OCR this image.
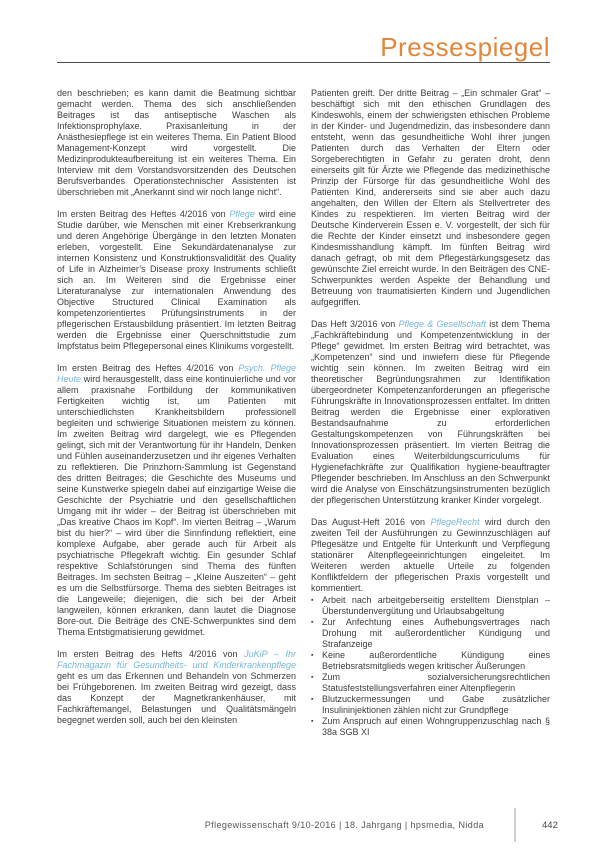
Pressespiegel

den beschrieben; es kann damit die Beatmung sichtbar gemacht werden. Thema des sich anschließenden Beitrages ist das antiseptische Waschen als Infektionsprophylaxe. Praxisanleitung in der Anästhesiepflege ist ein weiteres Thema. Ein Patient Blood Management-Konzept wird vorgestellt. Die Medizinprodukteaufbereitung ist ein weiteres Thema. Ein Interview mit dem Vorstandsvorsitzenden des Deutschen Berufsverbandes Operationstechnischer Assistenten ist überschrieben mit „Anerkannt sind wir noch lange nicht“.

Im ersten Beitrag des Heftes 4/2016 von Pflege wird eine Studie darüber, wie Menschen mit einer Krebserkrankung und deren Angehörige Übergänge in den letzten Monaten erleben, vorgestellt. Eine Sekundärdatenanalyse zur internen Konsistenz und Konstruktionsvalidität des Quality of Life in Alzheimer’s Disease proxy Instruments schließt sich an. Im Weiteren sind die Ergebnisse einer Literaturanalyse zur internationalen Anwendung des Objective Structured Clinical Examination als kompetenzorientiertes Prüfungsinstruments in der pflegerischen Erstausbildung präsentiert. Im letzten Beitrag werden die Ergebnisse einer Querschnittstudie zum Impfstatus beim Pflegepersonal eines Klinikums vorgestellt.

Im ersten Beitrag des Heftes 4/2016 von Psych. Pflege Heute wird herausgestellt, dass eine kontinuierliche und vor allem praxisnahe Fortbildung der kommunikativen Fertigkeiten wichtig ist, um Patienten mit unterschiedlichsten Krankheitsbildern professionell begleiten und schwierige Situationen meistern zu können. Im zweiten Beitrag wird dargelegt, wie es Pflegenden gelingt, sich mit der Verantwortung für ihr Handeln, Denken und Fühlen auseinanderzusetzen und ihr eigenes Verhalten zu reflektieren. Die Prinzhorn-Sammlung ist Gegenstand des dritten Beitrages; die Geschichte des Museums und seine Kunstwerke spiegeln dabei auf einzigartige Weise die Geschichte der Psychiatrie und den gesellschaftlichen Umgang mit ihr wider – der Beitrag ist überschrieben mit „Das kreative Chaos im Kopf“. Im vierten Beitrag – „Warum bist du hier?“ – wird über die Sinnfindung reflektiert, eine komplexe Aufgabe, aber gerade auch für Arbeit als psychiatrische Pflegekraft wichtig. Ein gesunder Schlaf respektive Schlafstörungen sind Thema des fünften Beitrages. Im sechsten Beitrag – „Kleine Auszeiten“ – geht es um die Selbstfürsorge. Thema des siebten Beitrages ist die Langeweile; diejenigen, die sich bei der Arbeit langweilen, können erkranken, dann lautet die Diagnose Bore-out. Die Beiträge des CNE-Schwerpunktes sind dem Thema Entstigmatisierung gewidmet.

Im ersten Beitrag des Hefts 4/2016 von JuKiP – Ihr Fachmagazin für Gesundheits- und Kinderkrankenpflege geht es um das Erkennen und Behandeln von Schmerzen bei Frühgeborenen. Im zweiten Beitrag wird gezeigt, dass das Konzept der Magnetkrankenhäuser, mit Fachkräftemangel, Belastungen und Qualitätsmängeln begegnet werden soll, auch bei den kleinsten

Patienten greift. Der dritte Beitrag – „Ein schmaler Grat“ – beschäftigt sich mit den ethischen Grundlagen des Kindeswohls, einem der schwierigsten ethischen Probleme in der Kinder- und Jugendmedizin, das insbesondere dann entsteht, wenn das gesundheitliche Wohl ihrer jungen Patienten durch das Verhalten der Eltern oder Sorgeberechtigten in Gefahr zu geraten droht, denn einerseits gilt für Ärzte wie Pflegende das medizinethische Prinzip der Fürsorge für das gesundheitliche Wohl des Patienten Kind, andererseits sind sie aber auch dazu angehalten, den Willen der Eltern als Stellvertreter des Kindes zu respektieren. Im vierten Beitrag wird der Deutsche Kinderverein Essen e. V. vorgestellt, der sich für die Rechte der Kinder einsetzt und insbesondere gegen Kindesmisshandlung kämpft. Im fünften Beitrag wird danach gefragt, ob mit dem Pflegestärkungsgesetz das gewünschte Ziel erreicht wurde. In den Beiträgen des CNE-Schwerpunktes werden Aspekte der Behandlung und Betreuung von traumatisierten Kindern und Jugendlichen aufgegriffen.

Das Heft 3/2016 von Pflege & Gesellschaft ist dem Thema „Fachkräftebindung und Kompetenzentwicklung in der Pflege“ gewidmet. Im ersten Beitrag wird betrachtet, was „Kompetenzen“ sind und inwiefern diese für Pflegende wichtig sein können. Im zweiten Beitrag wird ein theoretischer Begründungsrahmen zur Identifikation übergeordneter Kompetenzanforderungen an pflegerische Führungskräfte in Innovationsprozessen entfaltet. Im dritten Beitrag werden die Ergebnisse einer explorativen Bestandsaufnahme zu erforderlichen Gestaltungskompetenzen von Führungskräften bei Innovationsprozessen präsentiert. Im vierten Beitrag die Evaluation eines Weiterbildungscurriculums für Hygienefachkräfte zur Qualifikation hygiene-beauftragter Pflegender beschrieben. Im Anschluss an den Schwerpunkt wird die Analyse von Einschätzungsinstrumenten bezüglich der pflegerischen Unterstützung kranker Kinder vorgelegt.

Das August-Heft 2016 von PflegeRecht wird durch den zweiten Teil der Ausführungen zu Gewinnzuschlägen auf Pflegesätze und Entgelte für Unterkunft und Verpflegung stationärer Altenpflegeeinrichtungen eingeleitet. Im Weiteren werden aktuelle Urteile zu folgenden Konfliktfeldern der pflegerischen Praxis vorgestellt und kommentiert.

▪ Arbeit nach arbeitgeberseitig erstelltem Dienstplan – Überstundenvergütung und Urlaubsabgeltung
▪ Zur Anfechtung eines Aufhebungsvertrages nach Drohung mit außerordentlicher Kündigung und Strafanzeige
▪ Keine außerordentliche Kündigung eines Betriebsratsmitglieds wegen kritischer Äußerungen
▪ Zum sozialversicherungsrechtlichen Statusfeststellungsverfahren einer Altenpflegerin
▪ Blutzuckermessungen und Gabe zusätzlicher Insulininjektionen zählen nicht zur Grundpflege
▪ Zum Anspruch auf einen Wohngruppenzuschlag nach § 38a SGB XI
Pflegewissenschaft 9/10-2016 | 18. Jahrgang | hpsmedia, Nidda	442
